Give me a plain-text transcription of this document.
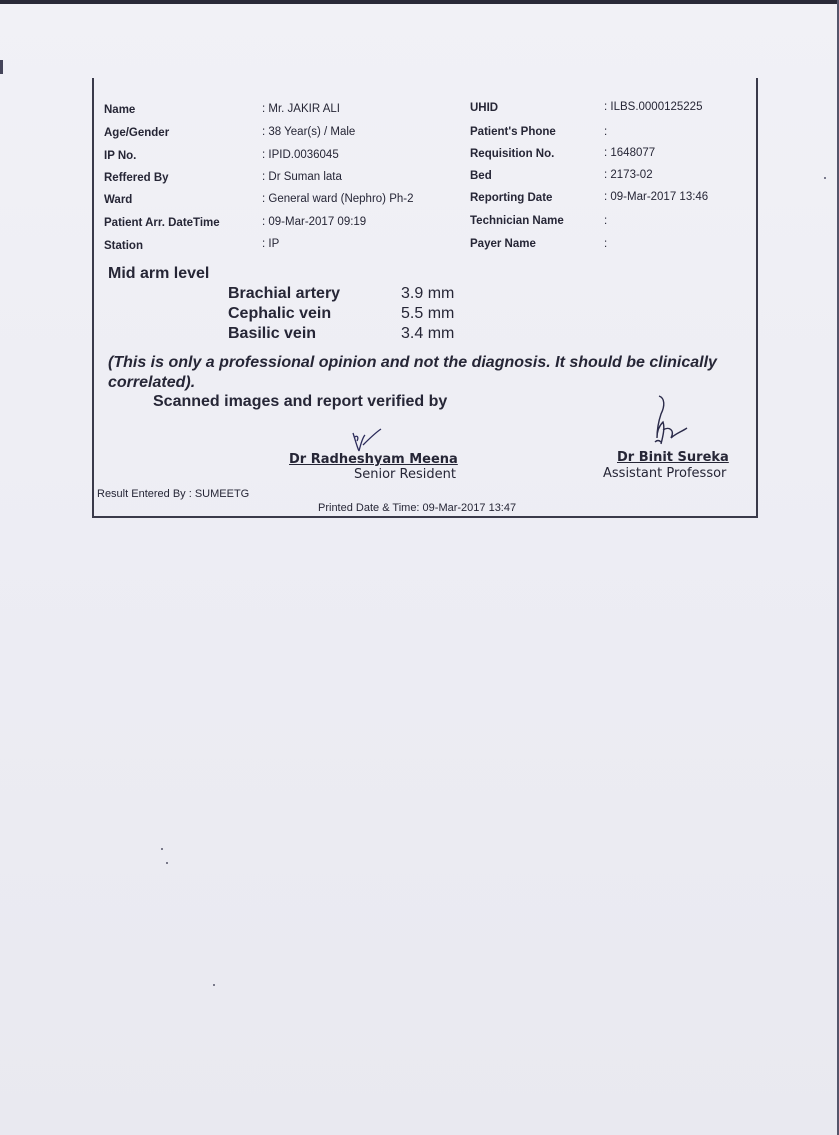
Name	: Mr. JAKIR ALI
Age/Gender	: 38 Year(s) / Male
IP No.	: IPID.0036045
Reffered By	: Dr Suman lata
Ward	: General ward (Nephro) Ph-2
Patient Arr. DateTime	: 09-Mar-2017 09:19
Station	: IP
UHID	: ILBS.0000125225
Patient's Phone	:
Requisition No.	: 1648077
Bed	: 2173-02
Reporting Date	: 09-Mar-2017 13:46
Technician Name	:
Payer Name	:
Mid arm level
Brachial artery	3.9 mm
Cephalic vein	5.5 mm
Basilic vein	3.4 mm
(This is only a professional opinion and not the diagnosis. It should be clinically correlated).
Scanned images and report verified by
Dr Radheshyam Meena
Senior Resident
Dr Binit Sureka
Assistant Professor
Result Entered By : SUMEETG
Printed Date & Time: 09-Mar-2017 13:47
